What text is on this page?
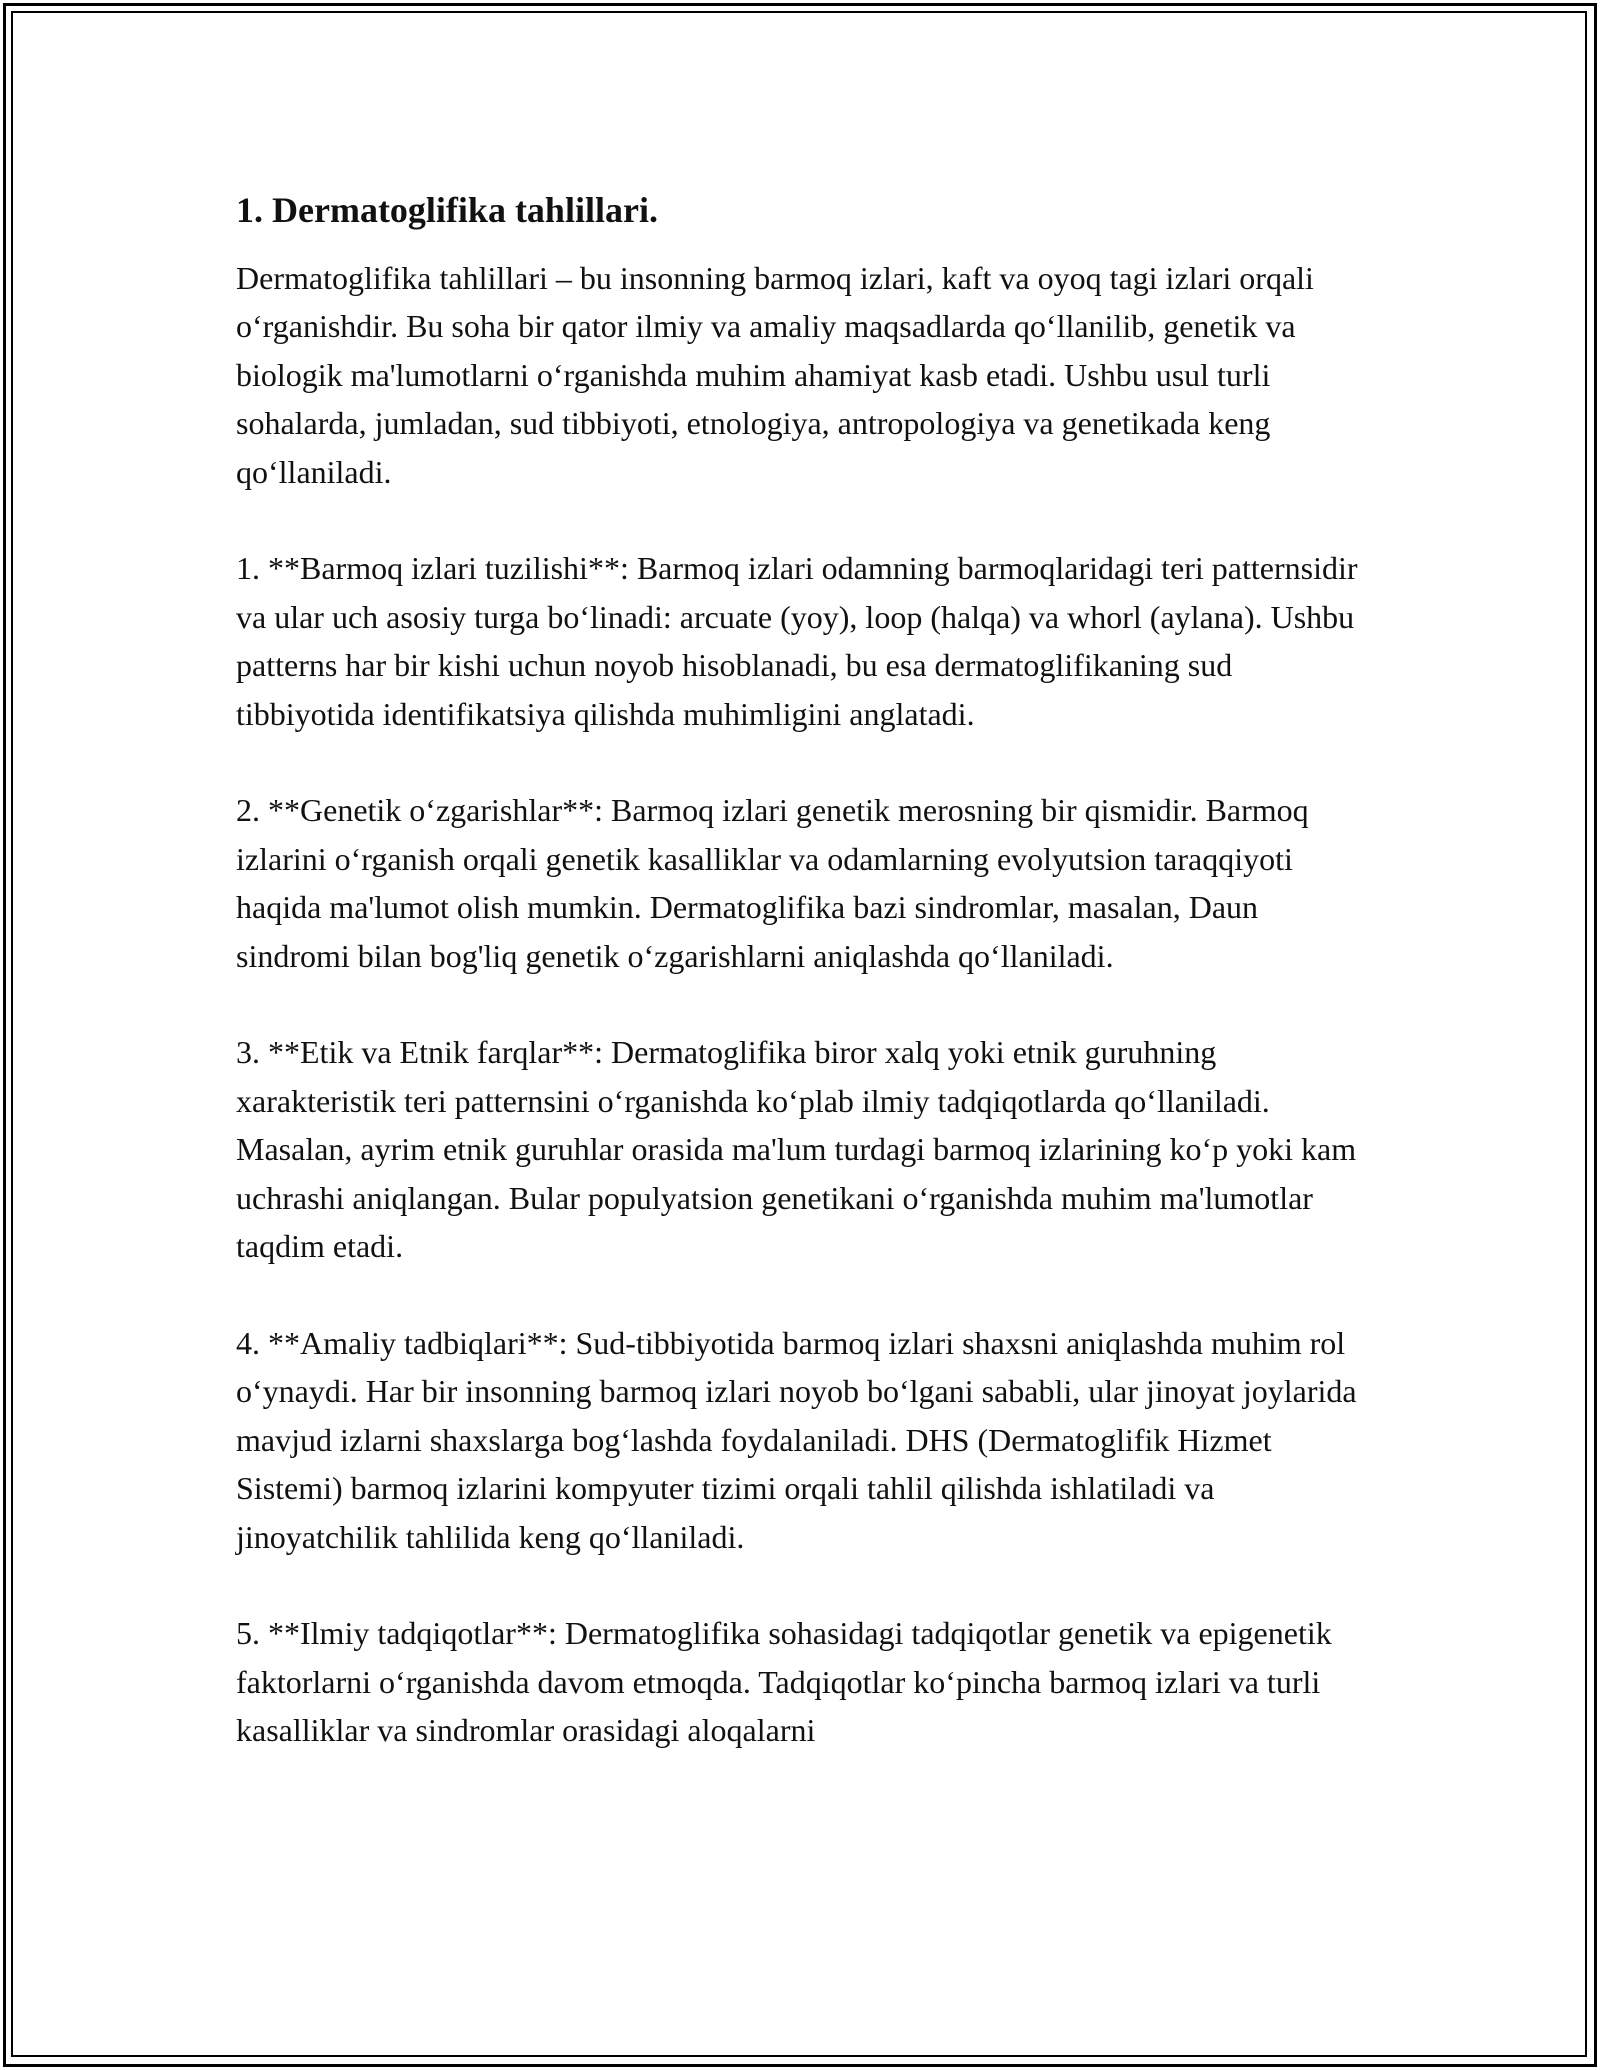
1. Dermatoglifika tahlillari.

Dermatoglifika tahlillari – bu insonning barmoq izlari, kaft va oyoq tagi izlari orqali oʻrganishdir. Bu soha bir qator ilmiy va amaliy maqsadlarda qoʻllanilib, genetik va biologik ma'lumotlarni oʻrganishda muhim ahamiyat kasb etadi. Ushbu usul turli sohalarda, jumladan, sud tibbiyoti, etnologiya, antropologiya va genetikada keng qoʻllaniladi.

1. **Barmoq izlari tuzilishi**: Barmoq izlari odamning barmoqlaridagi teri patternsidir va ular uch asosiy turga boʻlinadi: arcuate (yoy), loop (halqa) va whorl (aylana). Ushbu patterns har bir kishi uchun noyob hisoblanadi, bu esa dermatoglifikaning sud tibbiyotida identifikatsiya qilishda muhimligini anglatadi.

2. **Genetik oʻzgarishlar**: Barmoq izlari genetik merosning bir qismidir. Barmoq izlarini oʻrganish orqali genetik kasalliklar va odamlarning evolyutsion taraqqiyoti haqida ma'lumot olish mumkin. Dermatoglifika bazi sindromlar, masalan, Daun sindromi bilan bog'liq genetik oʻzgarishlarni aniqlashda qoʻllaniladi.

3. **Etik va Etnik farqlar**: Dermatoglifika biror xalq yoki etnik guruhning xarakteristik teri patternsini oʻrganishda koʻplab ilmiy tadqiqotlarda qoʻllaniladi. Masalan, ayrim etnik guruhlar orasida ma'lum turdagi barmoq izlarining koʻp yoki kam uchrashi aniqlangan. Bular populyatsion genetikani oʻrganishda muhim ma'lumotlar taqdim etadi.

4. **Amaliy tadbiqlari**: Sud-tibbiyotida barmoq izlari shaxsni aniqlashda muhim rol oʻynaydi. Har bir insonning barmoq izlari noyob boʻlgani sababli, ular jinoyat joylarida mavjud izlarni shaxslarga bogʻlashda foydalaniladi. DHS (Dermatoglifik Hizmet Sistemi) barmoq izlarini kompyuter tizimi orqali tahlil qilishda ishlatiladi va jinoyatchilik tahlilida keng qoʻllaniladi.

5. **Ilmiy tadqiqotlar**: Dermatoglifika sohasidagi tadqiqotlar genetik va epigenetik faktorlarni oʻrganishda davom etmoqda. Tadqiqotlar koʻpincha barmoq izlari va turli kasalliklar va sindromlar orasidagi aloqalarni
